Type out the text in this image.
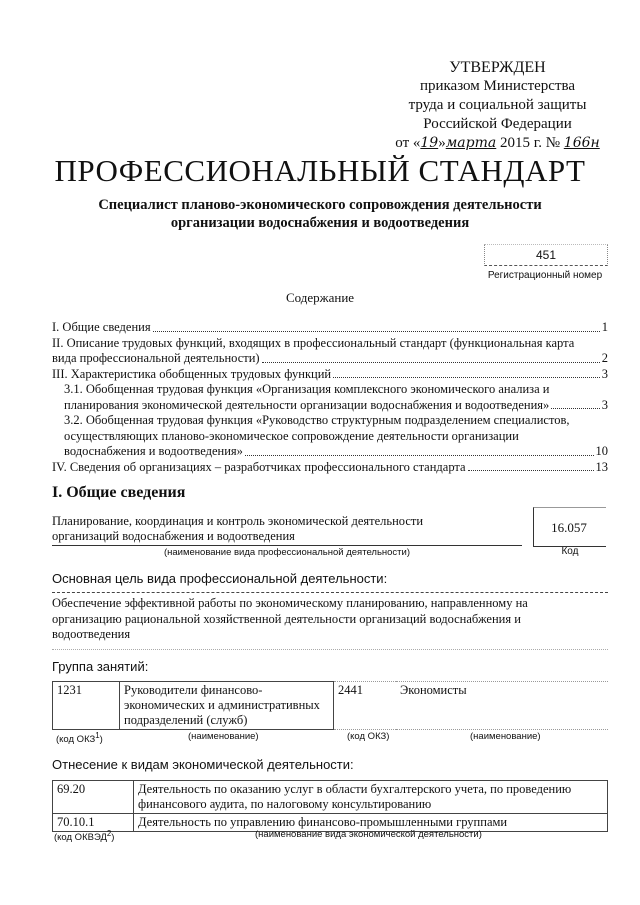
УТВЕРЖДЕН
приказом Министерства
труда и социальной защиты
Российской Федерации
от «19»марта 2015 г. № 166н
ПРОФЕССИОНАЛЬНЫЙ СТАНДАРТ
Специалист планово-экономического сопровождения деятельности
организации водоснабжения и водоотведения
451
Регистрационный номер
Содержание
I. Общие сведения	1
II. Описание трудовых функций, входящих в профессиональный стандарт (функциональная карта
вида профессиональной деятельности)	2
III. Характеристика обобщенных трудовых функций	3
3.1. Обобщенная трудовая функция «Организация комплексного экономического анализа и
планирования экономической деятельности организации водоснабжения и водоотведения»	3
3.2. Обобщенная трудовая функция «Руководство структурным подразделением специалистов,
осуществляющих планово-экономическое сопровождение деятельности организации
водоснабжения и водоотведения»	10
IV. Сведения об организациях – разработчиках профессионального стандарта	13
I. Общие сведения
Планирование, координация и контроль экономической деятельности
организаций водоснабжения и водоотведения
(наименование вида профессиональной деятельности)
16.057
Код
Основная цель вида профессиональной деятельности:
Обеспечение эффективной работы по экономическому планированию, направленному на организацию рациональной хозяйственной деятельности организаций водоснабжения и водоотведения
Группа занятий:
1231	Руководители финансово-экономических и административных подразделений (служб)	2441	Экономисты
(код ОКЗ$^1$)	(наименование)	(код ОКЗ)	(наименование)
Отнесение к видам экономической деятельности:
69.20	Деятельность по оказанию услуг в области бухгалтерского учета, по проведению финансового аудита, по налоговому консультированию
70.10.1	Деятельность по управлению финансово-промышленными группами
(код ОКВЭД$^2$)	(наименование вида экономической деятельности)
